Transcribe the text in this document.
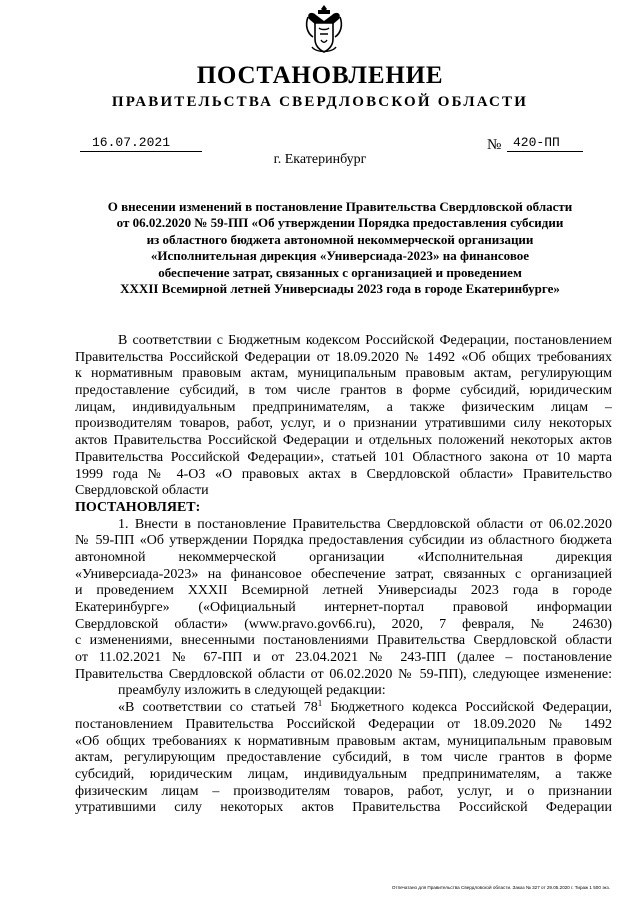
ПОСТАНОВЛЕНИЕ
ПРАВИТЕЛЬСТВА СВЕРДЛОВСКОЙ ОБЛАСТИ
16.07.2021	№ 420-ПП
г. Екатеринбург
О внесении изменений в постановление Правительства Свердловской области
от 06.02.2020 № 59-ПП «Об утверждении Порядка предоставления субсидии
из областного бюджета автономной некоммерческой организации
«Исполнительная дирекция «Универсиада-2023» на финансовое
обеспечение затрат, связанных с организацией и проведением
XXXII Всемирной летней Универсиады 2023 года в городе Екатеринбурге»
В соответствии с Бюджетным кодексом Российской Федерации, постановлением
Правительства Российской Федерации от 18.09.2020 № 1492 «Об общих требованиях
к нормативным правовым актам, муниципальным правовым актам, регулирующим
предоставление субсидий, в том числе грантов в форме субсидий, юридическим
лицам, индивидуальным предпринимателям, а также физическим лицам –
производителям товаров, работ, услуг, и о признании утратившими силу некоторых
актов Правительства Российской Федерации и отдельных положений некоторых актов
Правительства Российской Федерации», статьей 101 Областного закона от 10 марта
1999 года № 4-ОЗ «О правовых актах в Свердловской области» Правительство
Свердловской области
ПОСТАНОВЛЯЕТ:
1. Внести в постановление Правительства Свердловской области от 06.02.2020
№ 59-ПП «Об утверждении Порядка предоставления субсидии из областного бюджета
автономной некоммерческой организации «Исполнительная дирекция
«Универсиада-2023» на финансовое обеспечение затрат, связанных с организацией
и проведением XXXII Всемирной летней Универсиады 2023 года в городе
Екатеринбурге» («Официальный интернет-портал правовой информации
Свердловской области» (www.pravo.gov66.ru), 2020, 7 февраля, № 24630)
с изменениями, внесенными постановлениями Правительства Свердловской области
от 11.02.2021 № 67-ПП и от 23.04.2021 № 243-ПП (далее – постановление
Правительства Свердловской области от 06.02.2020 № 59-ПП), следующее изменение:
преамбулу изложить в следующей редакции:
«В соответствии со статьей $78^1$ Бюджетного кодекса Российской Федерации,
постановлением Правительства Российской Федерации от 18.09.2020 № 1492
«Об общих требованиях к нормативным правовым актам, муниципальным правовым
актам, регулирующим предоставление субсидий, в том числе грантов в форме
субсидий, юридическим лицам, индивидуальным предпринимателям, а также
физическим лицам – производителям товаров, работ, услуг, и о признании
утратившими силу некоторых актов Правительства Российской Федерации
Отпечатано для Правительства Свердловской области. Заказ № 327 от 29.05.2020 г. Тираж 1 500 экз.
